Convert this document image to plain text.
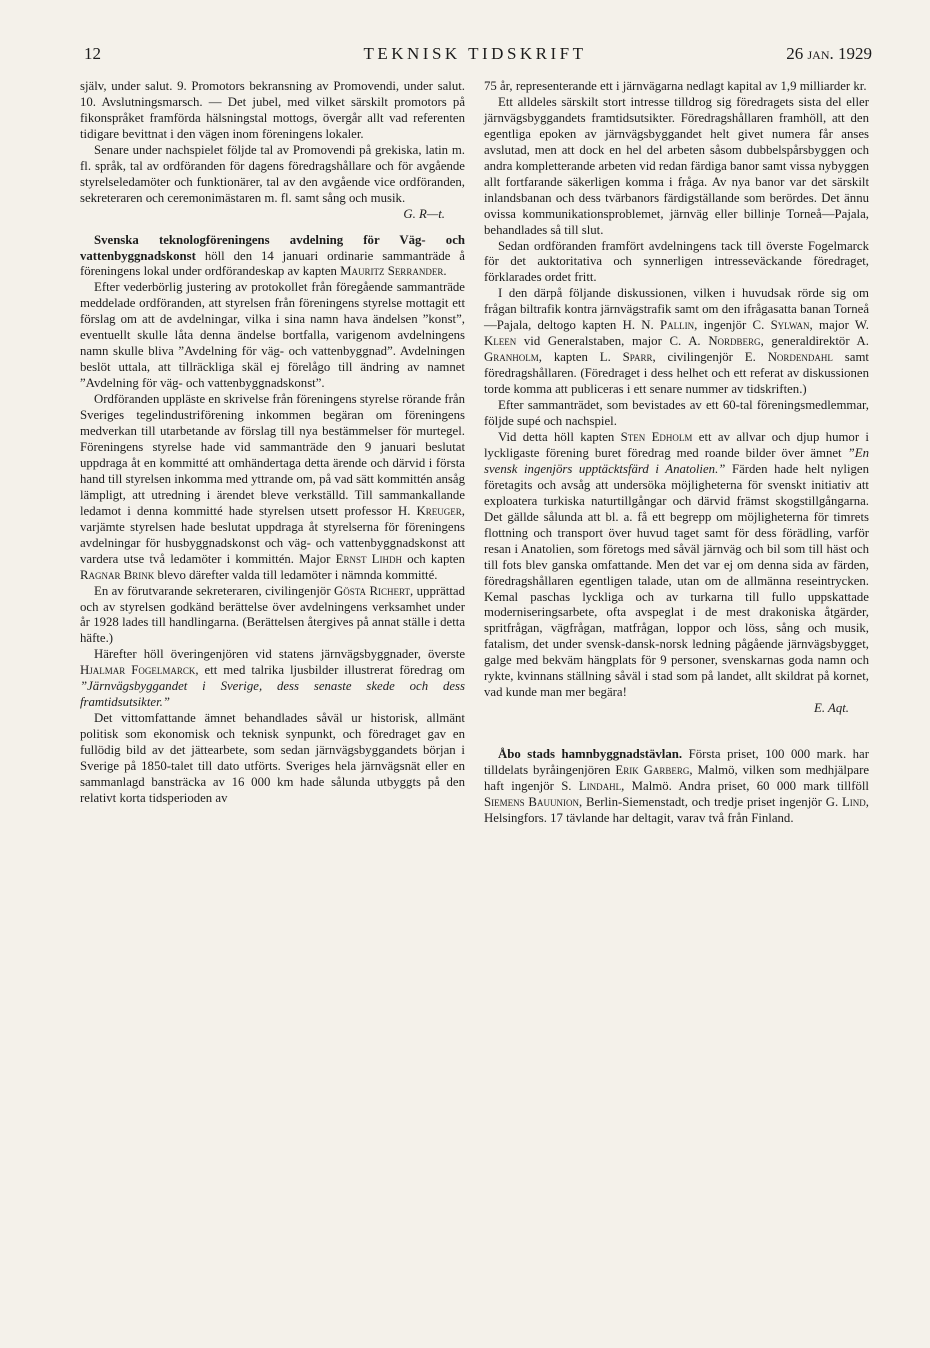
12	TEKNISK TIDSKRIFT	26 jan. 1929

själv, under salut. 9. Promotors bekransning av Promovendi, under salut. 10. Avslutningsmarsch. — Det jubel, med vilket särskilt promotors på fikonspråket framförda hälsningstal mottogs, övergår allt vad referenten tidigare bevittnat i den vägen inom föreningens lokaler.

Senare under nachspielet följde tal av Promovendi på grekiska, latin m. fl. språk, tal av ordföranden för dagens föredragshållare och för avgående styrelseledamöter och funktionärer, tal av den avgående vice ordföranden, sekreteraren och ceremonimästaren m. fl. samt sång och musik.

G. R—t.

Svenska teknologföreningens avdelning för Väg- och vattenbyggnadskonst höll den 14 januari ordinarie sammanträde å föreningens lokal under ordförandeskap av kapten Mauritz Serrander.

Efter vederbörlig justering av protokollet från föregående sammanträde meddelade ordföranden, att styrelsen från föreningens styrelse mottagit ett förslag om att de avdelningar, vilka i sina namn hava ändelsen ”konst”, eventuellt skulle låta denna ändelse bortfalla, varigenom avdelningens namn skulle bliva ”Avdelning för väg- och vattenbyggnad”. Avdelningen beslöt uttala, att tillräckliga skäl ej förelågo till ändring av namnet ”Avdelning för väg- och vattenbyggnadskonst”.

Ordföranden uppläste en skrivelse från föreningens styrelse rörande från Sveriges tegelindustriförening inkommen begäran om föreningens medverkan till utarbetande av förslag till nya bestämmelser för murtegel. Föreningens styrelse hade vid sammanträde den 9 januari beslutat uppdraga åt en kommitté att omhändertaga detta ärende och därvid i första hand till styrelsen inkomma med yttrande om, på vad sätt kommittén ansåg lämpligt, att utredning i ärendet bleve verkställd. Till sammankallande ledamot i denna kommitté hade styrelsen utsett professor H. Kreuger, varjämte styrelsen hade beslutat uppdraga åt styrelserna för föreningens avdelningar för husbyggnadskonst och väg- och vattenbyggnadskonst att vardera utse två ledamöter i kommittén. Major Ernst Lihdh och kapten Ragnar Brink blevo därefter valda till ledamöter i nämnda kommitté.

En av förutvarande sekreteraren, civilingenjör Gösta Richert, upprättad och av styrelsen godkänd berättelse över avdelningens verksamhet under år 1928 lades till handlingarna. (Berättelsen återgives på annat ställe i detta häfte.)

Härefter höll överingenjören vid statens järnvägsbyggnader, överste Hjalmar Fogelmarck, ett med talrika ljusbilder illustrerat föredrag om ”Järnvägsbyggandet i Sverige, dess senaste skede och dess framtidsutsikter.”

Det vittomfattande ämnet behandlades såväl ur historisk, allmänt politisk som ekonomisk och teknisk synpunkt, och föredraget gav en fullödig bild av det jättearbete, som sedan järnvägsbyggandets början i Sverige på 1850-talet till dato utförts. Sveriges hela järnvägsnät eller en sammanlagd bansträcka av 16 000 km hade sålunda utbyggts på den relativt korta tidsperioden av

75 år, representerande ett i järnvägarna nedlagt kapital av 1,9 milliarder kr.

Ett alldeles särskilt stort intresse tilldrog sig föredragets sista del eller järnvägsbyggandets framtidsutsikter. Föredragshållaren framhöll, att den egentliga epoken av järnvägsbyggandet helt givet numera får anses avslutad, men att dock en hel del arbeten såsom dubbelspårsbyggen och andra kompletterande arbeten vid redan färdiga banor samt vissa nybyggen allt fortfarande säkerligen komma i fråga. Av nya banor var det särskilt inlandsbanan och dess tvärbanors färdigställande som berördes. Det ännu ovissa kommunikationsproblemet, järnväg eller billinje Torneå—Pajala, behandlades så till slut.

Sedan ordföranden framfört avdelningens tack till överste Fogelmarck för det auktoritativa och synnerligen intresseväckande föredraget, förklarades ordet fritt.

I den därpå följande diskussionen, vilken i huvudsak rörde sig om frågan biltrafik kontra järnvägstrafik samt om den ifrågasatta banan Torneå—Pajala, deltogo kapten H. N. Pallin, ingenjör C. Sylwan, major W. Kleen vid Generalstaben, major C. A. Nordberg, generaldirektör A. Granholm, kapten L. Sparr, civilingenjör E. Nordendahl samt föredragshållaren. (Föredraget i dess helhet och ett referat av diskussionen torde komma att publiceras i ett senare nummer av tidskriften.)

Efter sammanträdet, som bevistades av ett 60-tal föreningsmedlemmar, följde supé och nachspiel.

Vid detta höll kapten Sten Edholm ett av allvar och djup humor i lyckligaste förening buret föredrag med roande bilder över ämnet ”En svensk ingenjörs upptäcktsfärd i Anatolien.” Färden hade helt nyligen företagits och avsåg att undersöka möjligheterna för svenskt initiativ att exploatera turkiska naturtillgångar och därvid främst skogstillgångarna. Det gällde sålunda att bl. a. få ett begrepp om möjligheterna för timrets flottning och transport över huvud taget samt för dess förädling, varför resan i Anatolien, som företogs med såväl järnväg och bil som till häst och till fots blev ganska omfattande. Men det var ej om denna sida av färden, föredragshållaren egentligen talade, utan om de allmänna reseintrycken. Kemal paschas lyckliga och av turkarna till fullo uppskattade moderniseringsarbete, ofta avspeglat i de mest drakoniska åtgärder, spritfrågan, vägfrågan, matfrågan, loppor och löss, sång och musik, fatalism, det under svensk-dansk-norsk ledning pågående järnvägsbygget, galge med bekväm hängplats för 9 personer, svenskarnas goda namn och rykte, kvinnans ställning såväl i stad som på landet, allt skildrat på kornet, vad kunde man mer begära!

E. Aqt.

Åbo stads hamnbyggnadstävlan. Första priset, 100 000 mark. har tilldelats byråingenjören Erik Garberg, Malmö, vilken som medhjälpare haft ingenjör S. Lindahl, Malmö. Andra priset, 60 000 mark tillföll Siemens Bauunion, Berlin-Siemenstadt, och tredje priset ingenjör G. Lind, Helsingfors. 17 tävlande har deltagit, varav två från Finland.
